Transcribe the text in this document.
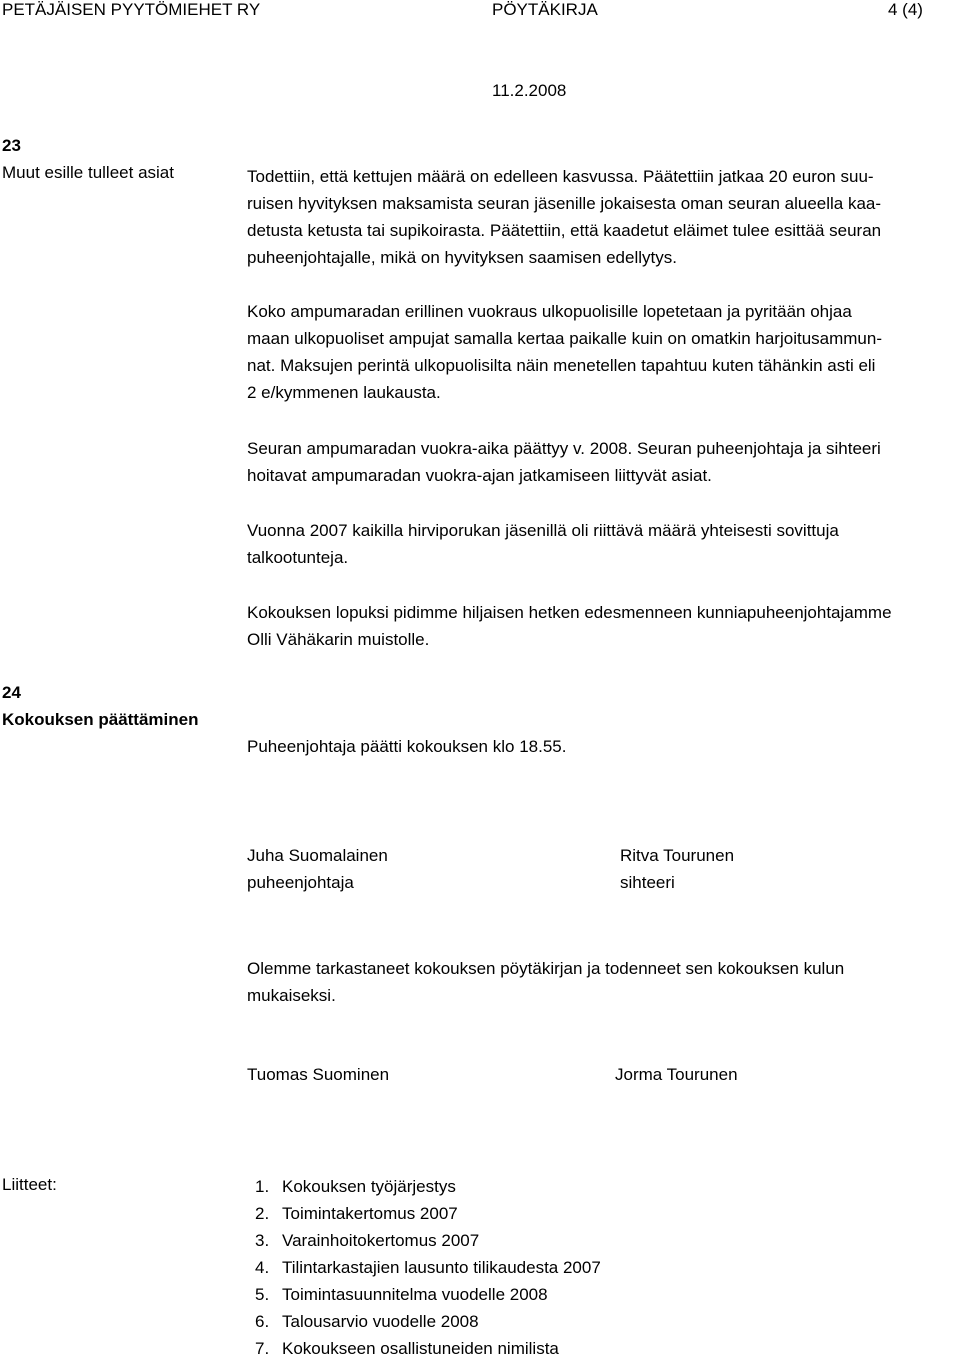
PETÄJÄISEN PYYTÖMIEHET RY	PÖYTÄKIRJA	4 (4)
11.2.2008
23
Muut esille tulleet asiat	Todettiin, että kettujen määrä on edelleen kasvussa. Päätettiin jatkaa 20 euron suu-
ruisen hyvityksen maksamista seuran jäsenille jokaisesta oman seuran alueella kaa-
detusta ketusta tai supikoirasta. Päätettiin, että kaadetut eläimet tulee esittää seuran
puheenjohtajalle, mikä on hyvityksen saamisen edellytys.
Koko ampumaradan erillinen vuokraus ulkopuolisille lopetetaan ja pyritään ohjaa
maan ulkopuoliset ampujat samalla kertaa paikalle kuin on omatkin harjoitusammun-
nat. Maksujen perintä ulkopuolisilta näin menetellen tapahtuu kuten tähänkin asti eli
2 e/kymmenen laukausta.
Seuran ampumaradan vuokra-aika päättyy v. 2008. Seuran puheenjohtaja ja sihteeri
hoitavat ampumaradan vuokra-ajan jatkamiseen liittyvät asiat.
Vuonna 2007 kaikilla hirviporukan jäsenillä oli riittävä määrä yhteisesti sovittuja
talkootunteja.
Kokouksen lopuksi pidimme hiljaisen hetken edesmenneen kunniapuheenjohtajamme
Olli Vähäkarin muistolle.
24
Kokouksen päättäminen
Puheenjohtaja päätti kokouksen klo 18.55.
Juha Suomalainen
puheenjohtaja
Ritva Tourunen
sihteeri
Olemme tarkastaneet kokouksen pöytäkirjan ja todenneet sen kokouksen kulun
mukaiseksi.
Tuomas Suominen	Jorma Tourunen
Liitteet:	1. Kokouksen työjärjestys
2. Toimintakertomus 2007
3. Varainhoitokertomus 2007
4. Tilintarkastajien lausunto tilikaudesta 2007
5. Toimintasuunnitelma vuodelle 2008
6. Talousarvio vuodelle 2008
7. Kokoukseen osallistuneiden nimilista
